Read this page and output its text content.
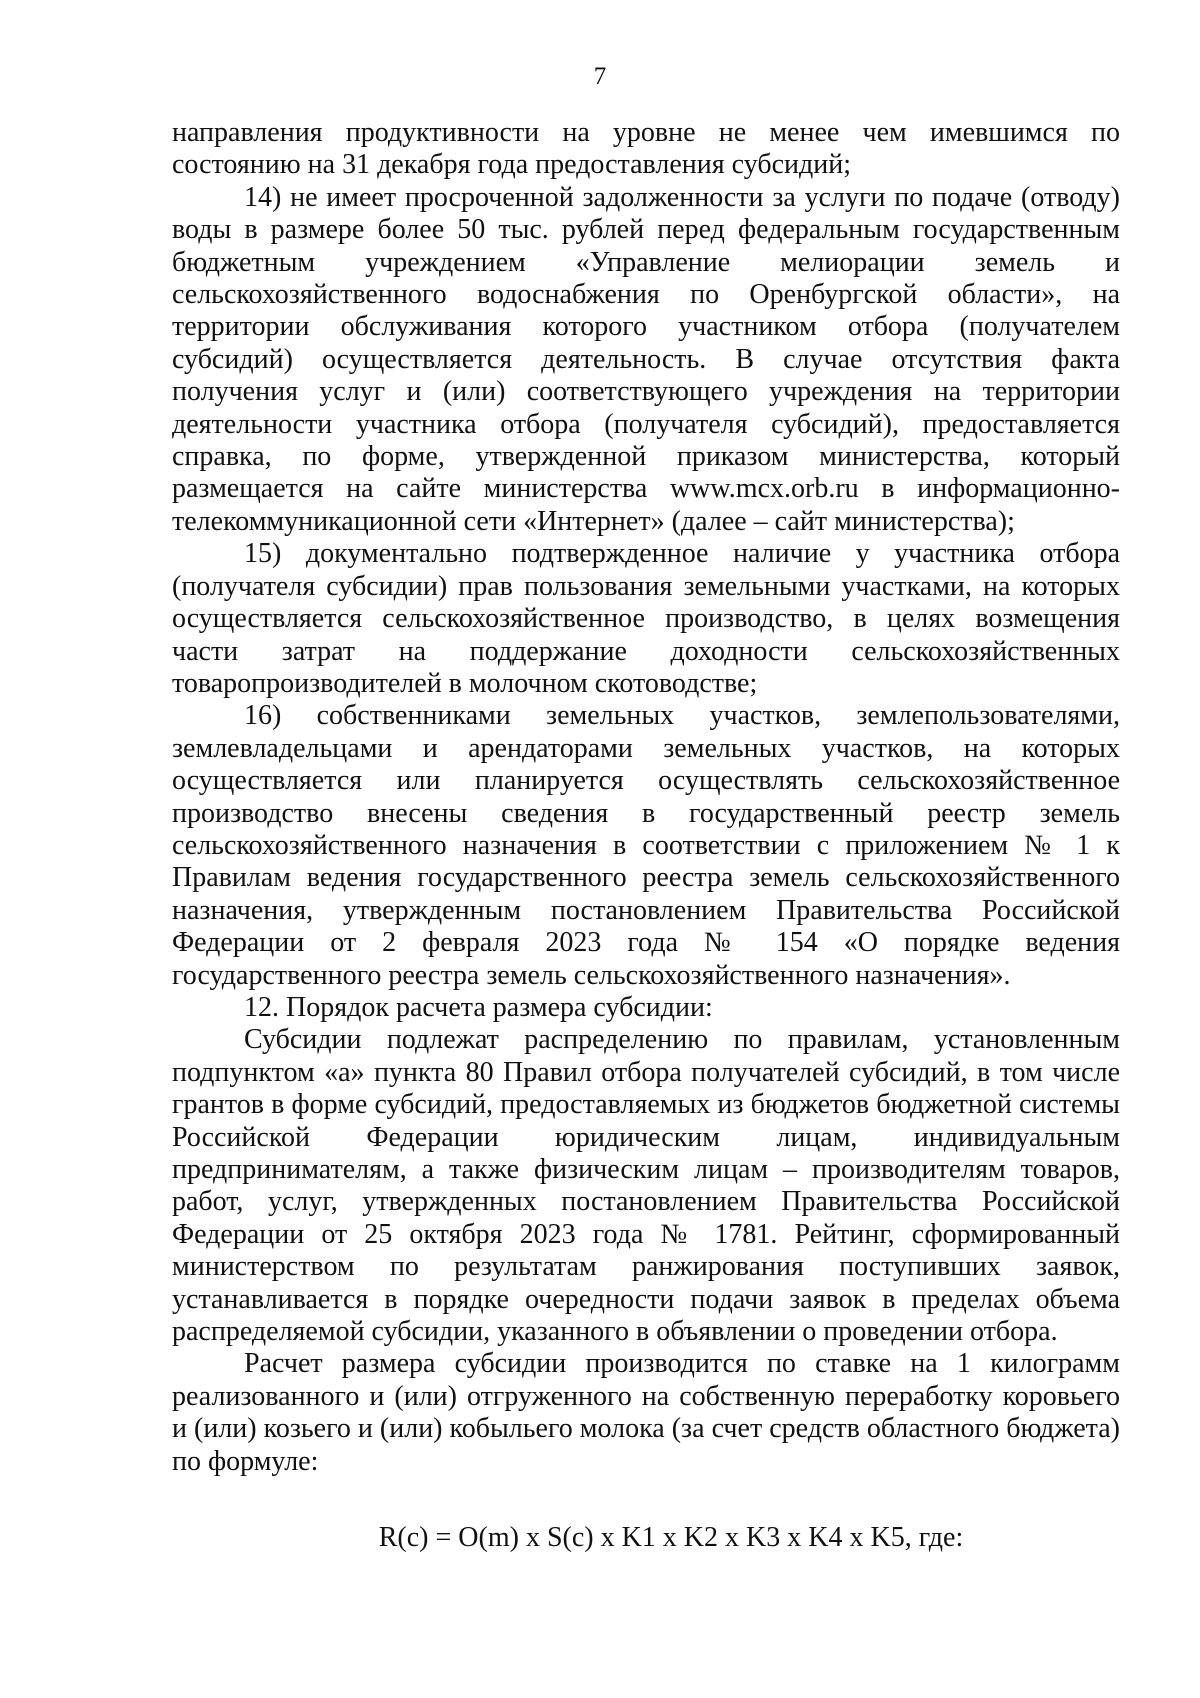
7

направления продуктивности на уровне не менее чем имевшимся по состоянию на 31 декабря года предоставления субсидий;

14) не имеет просроченной задолженности за услуги по подаче (отводу) воды в размере более 50 тыс. рублей перед федеральным государственным бюджетным учреждением «Управление мелиорации земель и сельскохозяйственного водоснабжения по Оренбургской области», на территории обслуживания которого участником отбора (получателем субсидий) осуществляется деятельность. В случае отсутствия факта получения услуг и (или) соответствующего учреждения на территории деятельности участника отбора (получателя субсидий), предоставляется справка, по форме, утвержденной приказом министерства, который размещается на сайте министерства www.mcx.orb.ru в информационно-телекоммуникационной сети «Интернет» (далее – сайт министерства);

15) документально подтвержденное наличие у участника отбора (получателя субсидии) прав пользования земельными участками, на которых осуществляется сельскохозяйственное производство, в целях возмещения части затрат на поддержание доходности сельскохозяйственных товаропроизводителей в молочном скотоводстве;

16) собственниками земельных участков, землепользователями, землевладельцами и арендаторами земельных участков, на которых осуществляется или планируется осуществлять сельскохозяйственное производство внесены сведения в государственный реестр земель сельскохозяйственного назначения в соответствии с приложением № 1 к Правилам ведения государственного реестра земель сельскохозяйственного назначения, утвержденным постановлением Правительства Российской Федерации от 2 февраля 2023 года № 154 «О порядке ведения государственного реестра земель сельскохозяйственного назначения».

12. Порядок расчета размера субсидии:

Субсидии подлежат распределению по правилам, установленным подпунктом «а» пункта 80 Правил отбора получателей субсидий, в том числе грантов в форме субсидий, предоставляемых из бюджетов бюджетной системы Российской Федерации юридическим лицам, индивидуальным предпринимателям, а также физическим лицам – производителям товаров, работ, услуг, утвержденных постановлением Правительства Российской Федерации от 25 октября 2023 года № 1781. Рейтинг, сформированный министерством по результатам ранжирования поступивших заявок, устанавливается в порядке очередности подачи заявок в пределах объема распределяемой субсидии, указанного в объявлении о проведении отбора.

Расчет размера субсидии производится по ставке на 1 килограмм реализованного и (или) отгруженного на собственную переработку коровьего и (или) козьего и (или) кобыльего молока (за счет средств областного бюджета) по формуле:

R(c) = O(m) x S(c) x K1 x K2 x K3 x K4 x K5, где:
